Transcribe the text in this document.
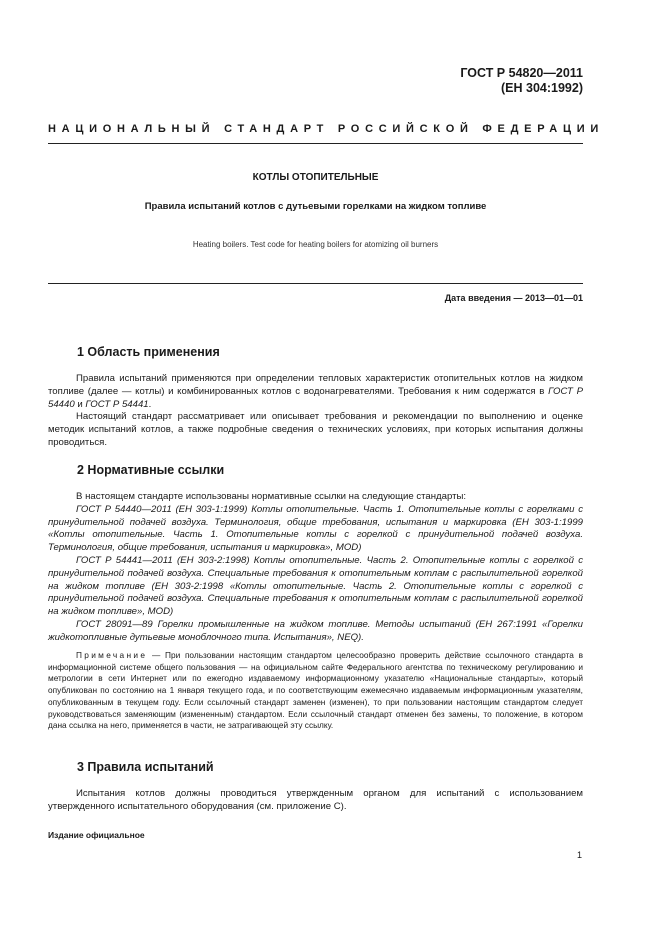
ГОСТ Р 54820—2011
(ЕН 304:1992)
НАЦИОНАЛЬНЫЙ СТАНДАРТ РОССИЙСКОЙ ФЕДЕРАЦИИ
КОТЛЫ ОТОПИТЕЛЬНЫЕ
Правила испытаний котлов с дутьевыми горелками на жидком топливе
Heating boilers. Test code for heating boilers for atomizing oil burners
Дата введения — 2013—01—01
1 Область применения

Правила испытаний применяются при определении тепловых характеристик отопительных котлов на жидком топливе (далее — котлы) и комбинированных котлов с водонагревателями. Требования к ним содержатся в ГОСТ Р 54440 и ГОСТ Р 54441.

Настоящий стандарт рассматривает или описывает требования и рекомендации по выполнению и оценке методик испытаний котлов, а также подробные сведения о технических условиях, при которых испытания должны проводиться.

2 Нормативные ссылки

В настоящем стандарте использованы нормативные ссылки на следующие стандарты:

ГОСТ Р 54440—2011 (ЕН 303-1:1999) Котлы отопительные. Часть 1. Отопительные котлы с горелками с принудительной подачей воздуха. Терминология, общие требования, испытания и маркировка (ЕН 303-1:1999 «Котлы отопительные. Часть 1. Отопительные котлы с горелкой с принудительной подачей воздуха. Терминология, общие требования, испытания и маркировка», MOD)

ГОСТ Р 54441—2011 (ЕН 303-2:1998) Котлы отопительные. Часть 2. Отопительные котлы с горелкой с принудительной подачей воздуха. Специальные требования к отопительным котлам с распылительной горелкой на жидком топливе (ЕН 303-2:1998 «Котлы отопительные. Часть 2. Отопительные котлы с горелкой с принудительной подачей воздуха. Специальные требования к отопительным котлам с распылительной горелкой на жидком топливе», MOD)

ГОСТ 28091—89 Горелки промышленные на жидком топливе. Методы испытаний (ЕН 267:1991 «Горелки жидкотопливные дутьевые моноблочного типа. Испытания», NEQ).

Примечание — При пользовании настоящим стандартом целесообразно проверить действие ссылочного стандарта в информационной системе общего пользования — на официальном сайте Федерального агентства по техническому регулированию и метрологии в сети Интернет или по ежегодно издаваемому информационному указателю «Национальные стандарты», который опубликован по состоянию на 1 января текущего года, и по соответствующим ежемесячно издаваемым информационным указателям, опубликованным в текущем году. Если ссылочный стандарт заменен (изменен), то при пользовании настоящим стандартом следует руководствоваться заменяющим (измененным) стандартом. Если ссылочный стандарт отменен без замены, то положение, в котором дана ссылка на него, применяется в части, не затрагивающей эту ссылку.

3 Правила испытаний

Испытания котлов должны проводиться утвержденным органом для испытаний с использованием утвержденного испытательного оборудования (см. приложение С).

Издание официальное
1
